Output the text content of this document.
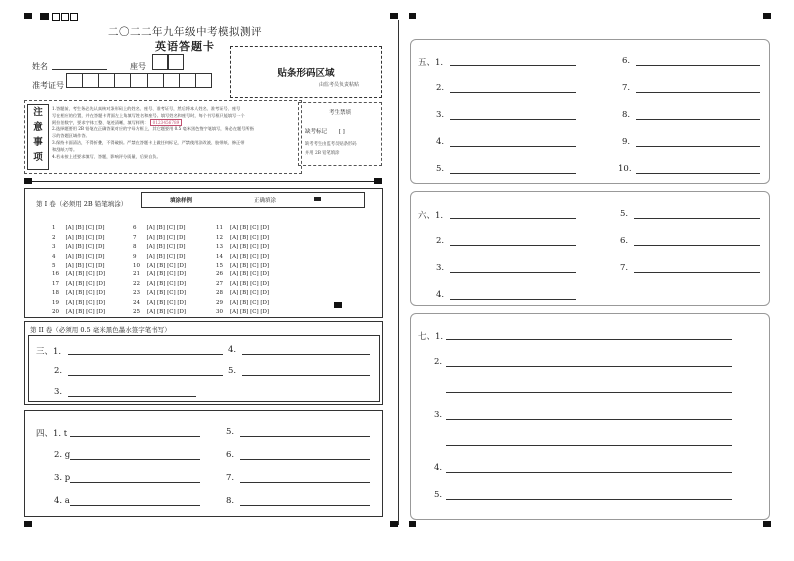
二〇二二年九年级中考模拟测评
英语答题卡
姓名	座号
准考证号
贴条形码区域
由监考员负责粘贴
注
意
事
项
1.答题前，考生务必先认真核对条形码上的姓名、座号、准考证号，然后将本人姓名、准考证号、座号
写在相应的位置，并在答题卡背面左上角填写姓名和座号。填写姓名和座号时，每个书写框只能填写一个
阿拉伯数字，要求字体工整、笔迹清晰，填写样例： 0123456789
2.选择题要用 2B 铅笔在正确答案对应的字母方框上，其它题要用 0.5 毫米黑色签字笔填写，务必在题号所指
示的答题区域作答。
3.保持卡面清洁，不得折叠，不得破损。严禁在答题卡上做任何标记，严禁使用涂改液、胶带纸、修正带
和刮纸刀等。
4.若未按上述要求填写、答题，影响评分质量，后果自负。
考生禁填
缺考标记 [ ]
缺考考生由监考员贴条形码
并用 2B 铅笔填涂
第 I 卷（必须用 2B 铅笔填涂）	填涂样例	正确填涂
1 [A] [B] [C] [D]
2 [A] [B] [C] [D]
3 [A] [B] [C] [D]
4 [A] [B] [C] [D]
5 [A] [B] [C] [D]
6 [A] [B] [C] [D]
7 [A] [B] [C] [D]
8 [A] [B] [C] [D]
9 [A] [B] [C] [D]
10 [A] [B] [C] [D]
11 [A] [B] [C] [D]
12 [A] [B] [C] [D]
13 [A] [B] [C] [D]
14 [A] [B] [C] [D]
15 [A] [B] [C] [D]
16 [A] [B] [C] [D]
17 [A] [B] [C] [D]
18 [A] [B] [C] [D]
19 [A] [B] [C] [D]
20 [A] [B] [C] [D]
21 [A] [B] [C] [D]
22 [A] [B] [C] [D]
23 [A] [B] [C] [D]
24 [A] [B] [C] [D]
25 [A] [B] [C] [D]
26 [A] [B] [C] [D]
27 [A] [B] [C] [D]
28 [A] [B] [C] [D]
29 [A] [B] [C] [D]
30 [A] [B] [C] [D]
第 II 卷（必须用 0.5 毫米黑色墨水签字笔书写）
三、1.
2.
3.
4.
5.
四、1. t
2. g
3. p
4. a
5.
6.
7.
8.
五、1.
2.
3.
4.
5.
6.
7.
8.
9.
10.
六、1.
2.
3.
4.
5.
6.
7.
七、1.
2.
3.
4.
5.
